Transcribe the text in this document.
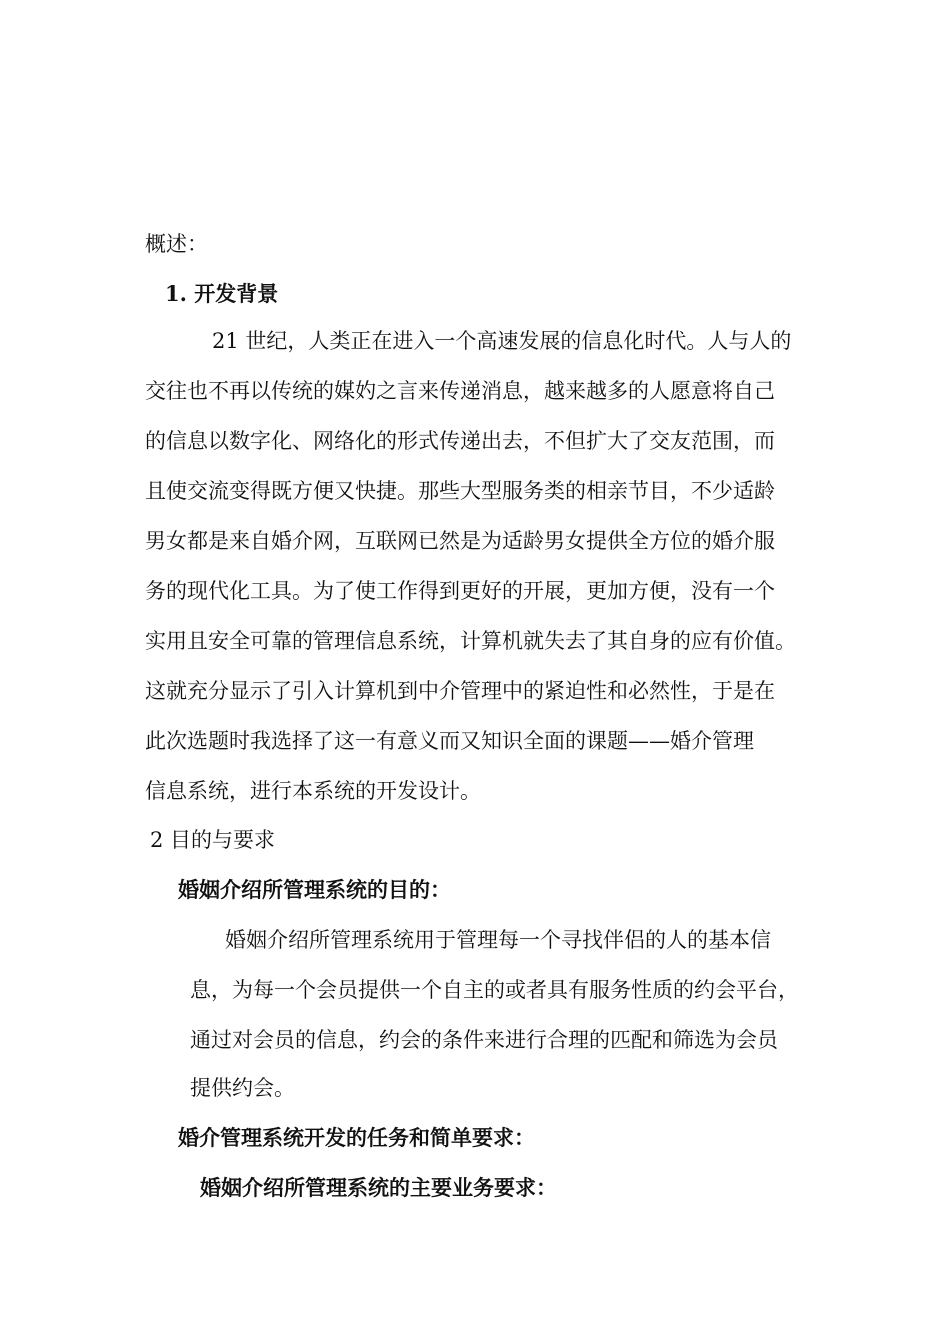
概述：
1. 开发背景
21 世纪，人类正在进入一个高速发展的信息化时代。人与人的
交往也不再以传统的媒妁之言来传递消息，越来越多的人愿意将自己
的信息以数字化、网络化的形式传递出去，不但扩大了交友范围，而
且使交流变得既方便又快捷。那些大型服务类的相亲节目，不少适龄
男女都是来自婚介网，互联网已然是为适龄男女提供全方位的婚介服
务的现代化工具。为了使工作得到更好的开展，更加方便，没有一个
实用且安全可靠的管理信息系统，计算机就失去了其自身的应有价值。
这就充分显示了引入计算机到中介管理中的紧迫性和必然性，于是在
此次选题时我选择了这一有意义而又知识全面的课题——婚介管理
信息系统，进行本系统的开发设计。
2 目的与要求
婚姻介绍所管理系统的目的：
婚姻介绍所管理系统用于管理每一个寻找伴侣的人的基本信
息，为每一个会员提供一个自主的或者具有服务性质的约会平台，
通过对会员的信息，约会的条件来进行合理的匹配和筛选为会员
提供约会。
婚介管理系统开发的任务和简单要求：
婚姻介绍所管理系统的主要业务要求：
